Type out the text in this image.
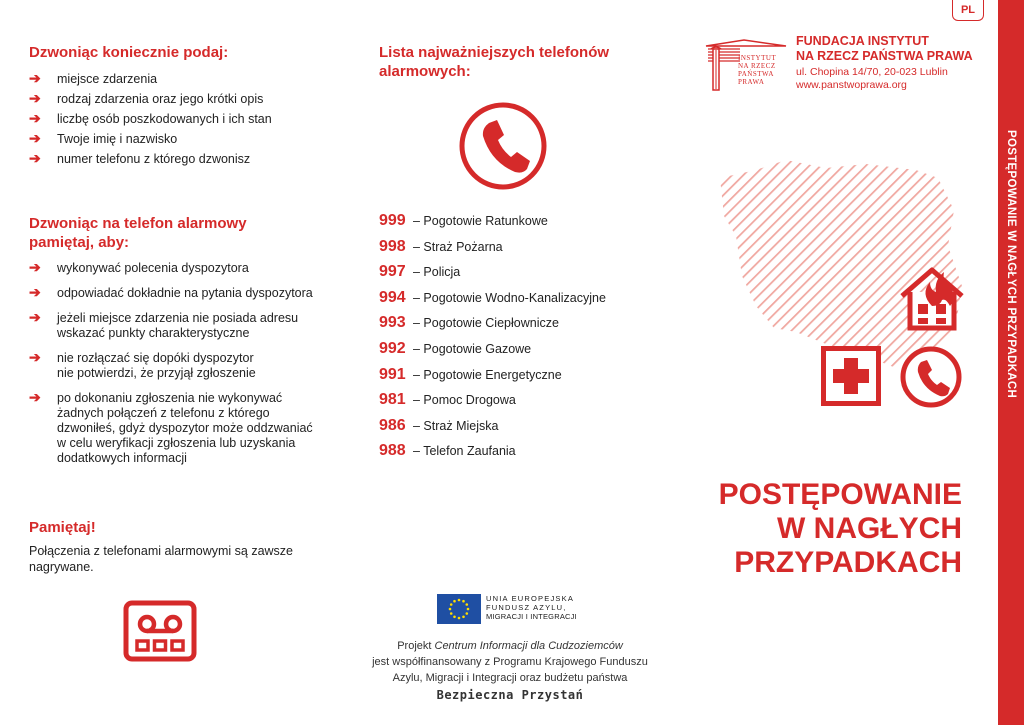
Dzwoniąc koniecznie podaj:
➔ miejsce zdarzenia
➔ rodzaj zdarzenia oraz jego krótki opis
➔ liczbę osób poszkodowanych i ich stan
➔ Twoje imię i nazwisko
➔ numer telefonu z którego dzwonisz
Dzwoniąc na telefon alarmowy
pamiętaj, aby:
➔ wykonywać polecenia dyspozytora
➔ odpowiadać dokładnie na pytania dyspozytora
➔ jeżeli miejsce zdarzenia nie posiada adresu
wskazać punkty charakterystyczne
➔ nie rozłączać się dopóki dyspozytor
nie potwierdzi, że przyjął zgłoszenie
➔ po dokonaniu zgłoszenia nie wykonywać
żadnych połączeń z telefonu z którego
dzwoniłeś, gdyż dyspozytor może oddzwaniać
w celu weryfikacji zgłoszenia lub uzyskania
dodatkowych informacji
Pamiętaj!
Połączenia z telefonami alarmowymi są zawsze
nagrywane.
Lista najważniejszych telefonów
alarmowych:
999 – Pogotowie Ratunkowe
998 – Straż Pożarna
997 – Policja
994 – Pogotowie Wodno-Kanalizacyjne
993 – Pogotowie Ciepłownicze
992 – Pogotowie Gazowe
991 – Pogotowie Energetyczne
981 – Pomoc Drogowa
986 – Straż Miejska
988 – Telefon Zaufania
UNIA EUROPEJSKA
FUNDUSZ AZYLU,
MIGRACJI I INTEGRACJI
Projekt Centrum Informacji dla Cudzoziemców
jest współfinansowany z Programu Krajowego Funduszu
Azylu, Migracji i Integracji oraz budżetu państwa
Bezpieczna Przystań
PL
INSTYTUT
NA RZECZ
PAŃSTWA
PRAWA
FUNDACJA INSTYTUT
NA RZECZ PAŃSTWA PRAWA
ul. Chopina 14/70, 20-023 Lublin
www.panstwoprawa.org
POSTĘPOWANIE
W NAGŁYCH
PRZYPADKACH
POSTĘPOWANIE W NAGŁYCH PRZYPADKACH
